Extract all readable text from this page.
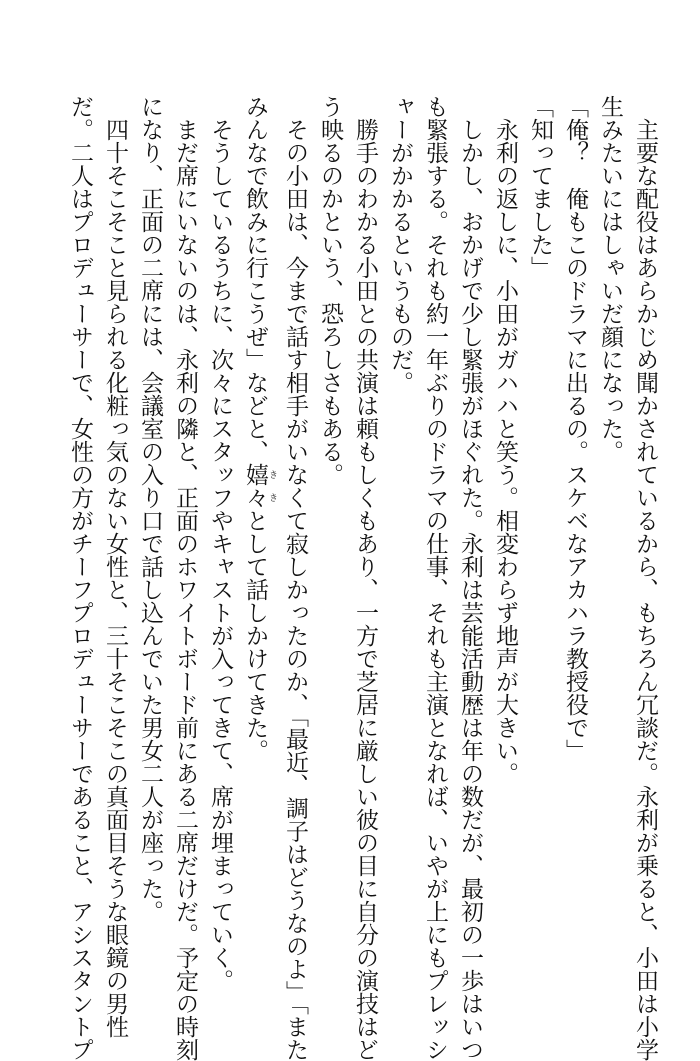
　主要な配役はあらかじめ聞かされているから、もちろん冗談だ。永利が乗ると、小田は小学
生みたいにはしゃいだ顔になった。
「俺？　俺もこのドラマに出るの。スケベなアカハラ教授役で」
「知ってました」
　永利の返しに、小田がガハハと笑う。相変わらず地声が大きい。
　しかし、おかげで少し緊張がほぐれた。永利は芸能活動歴は年の数だが、最初の一歩はいつ
も緊張する。それも約一年ぶりのドラマの仕事、それも主演となれば、いやが上にもプレッシ
ャーがかかるというものだ。
　勝手のわかる小田との共演は頼もしくもあり、一方で芝居に厳しい彼の目に自分の演技はど
う映るのかという、恐ろしさもある。
　その小田は、今まで話す相手がいなくて寂しかったのか、「最近、調子はどうなのよ」「また
みんなで飲みに行こうぜ」などと、嬉々 ききとして話しかけてきた。
　そうしているうちに、次々にスタッフやキャストが入ってきて、席が埋まっていく。
　まだ席にいないのは、永利の隣と、正面のホワイトボード前にある二席だけだ。予定の時刻
になり、正面の二席には、会議室の入り口で話し込んでいた男女二人が座った。
　四十そこそこと見られる化粧っ気のない女性と、三十そこそこの真面目そうな眼鏡の男性
だ。二人はプロデューサーで、女性の方がチーフプロデューサーであること、アシスタントプ
